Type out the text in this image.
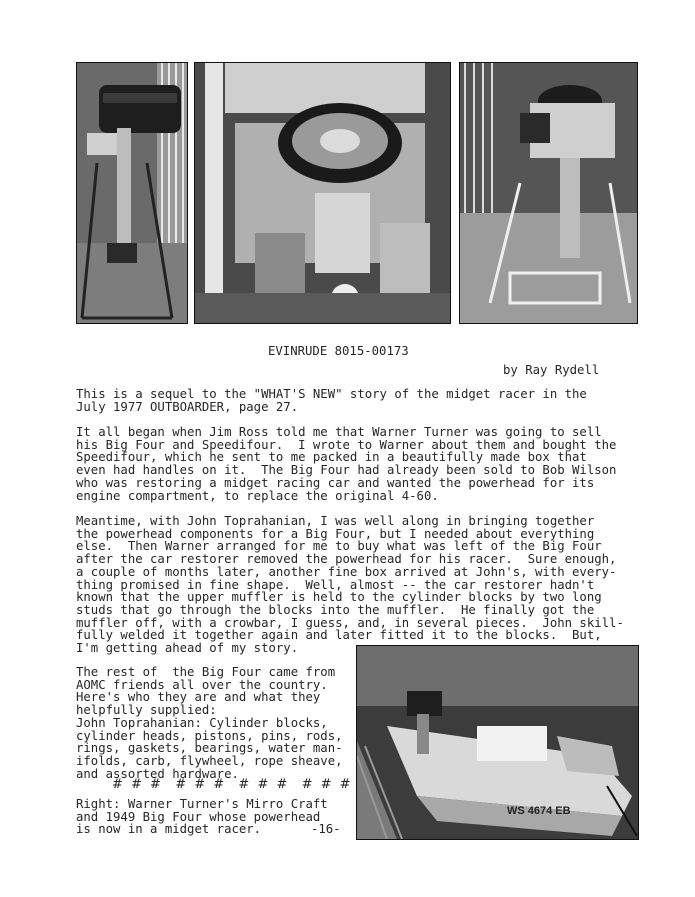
EVINRUDE 8015-00173
by Ray Rydell
This is a sequel to the "WHAT'S NEW" story of the midget racer in the
July 1977 OUTBOARDER, page 27.
It all began when Jim Ross told me that Warner Turner was going to sell
his Big Four and Speedifour.  I wrote to Warner about them and bought the
Speedifour, which he sent to me packed in a beautifully made box that
even had handles on it.  The Big Four had already been sold to Bob Wilson
who was restoring a midget racing car and wanted the powerhead for its
engine compartment, to replace the original 4-60.
Meantime, with John Toprahanian, I was well along in bringing together
the powerhead components for a Big Four, but I needed about everything
else.  Then Warner arranged for me to buy what was left of the Big Four
after the car restorer removed the powerhead for his racer.  Sure enough,
a couple of months later, another fine box arrived at John's, with every-
thing promised in fine shape.  Well, almost -- the car restorer hadn't
known that the upper muffler is held to the cylinder blocks by two long
studs that go through the blocks into the muffler.  He finally got the
muffler off, with a crowbar, I guess, and, in several pieces.  John skill-
fully welded it together again and later fitted it to the blocks.  But,
I'm getting ahead of my story.
The rest of  the Big Four came from
AOMC friends all over the country.
Here's who they are and what they
helpfully supplied:
John Toprahanian: Cylinder blocks,
cylinder heads, pistons, pins, rods,
rings, gaskets, bearings, water man-
ifolds, carb, flywheel, rope sheave,
and assorted hardware.
# # #  # # #  # # #  # # #
Right: Warner Turner's Mirro Craft
and 1949 Big Four whose powerhead
is now in a midget racer.	-16-
WS 4674 EB
